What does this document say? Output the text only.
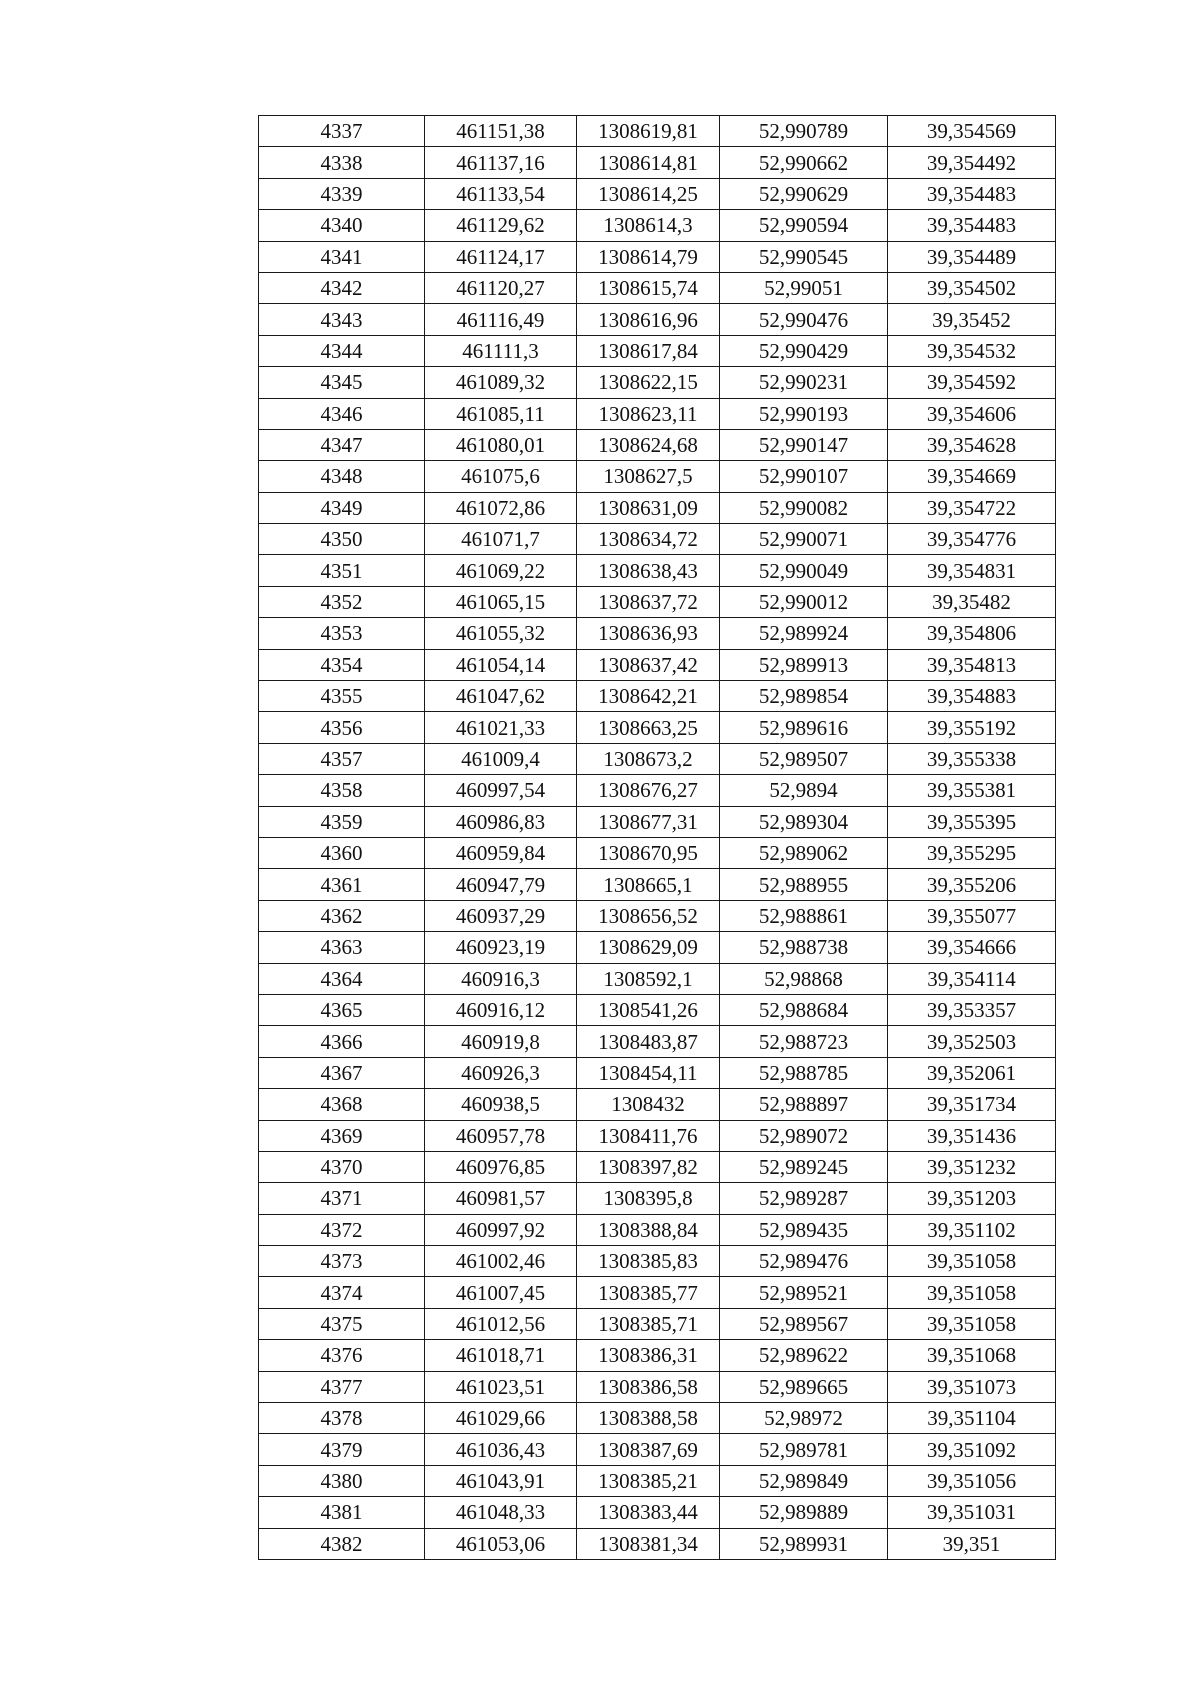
4337	461151,38	1308619,81	52,990789	39,354569
4338	461137,16	1308614,81	52,990662	39,354492
4339	461133,54	1308614,25	52,990629	39,354483
4340	461129,62	1308614,3	52,990594	39,354483
4341	461124,17	1308614,79	52,990545	39,354489
4342	461120,27	1308615,74	52,99051	39,354502
4343	461116,49	1308616,96	52,990476	39,35452
4344	461111,3	1308617,84	52,990429	39,354532
4345	461089,32	1308622,15	52,990231	39,354592
4346	461085,11	1308623,11	52,990193	39,354606
4347	461080,01	1308624,68	52,990147	39,354628
4348	461075,6	1308627,5	52,990107	39,354669
4349	461072,86	1308631,09	52,990082	39,354722
4350	461071,7	1308634,72	52,990071	39,354776
4351	461069,22	1308638,43	52,990049	39,354831
4352	461065,15	1308637,72	52,990012	39,35482
4353	461055,32	1308636,93	52,989924	39,354806
4354	461054,14	1308637,42	52,989913	39,354813
4355	461047,62	1308642,21	52,989854	39,354883
4356	461021,33	1308663,25	52,989616	39,355192
4357	461009,4	1308673,2	52,989507	39,355338
4358	460997,54	1308676,27	52,9894	39,355381
4359	460986,83	1308677,31	52,989304	39,355395
4360	460959,84	1308670,95	52,989062	39,355295
4361	460947,79	1308665,1	52,988955	39,355206
4362	460937,29	1308656,52	52,988861	39,355077
4363	460923,19	1308629,09	52,988738	39,354666
4364	460916,3	1308592,1	52,98868	39,354114
4365	460916,12	1308541,26	52,988684	39,353357
4366	460919,8	1308483,87	52,988723	39,352503
4367	460926,3	1308454,11	52,988785	39,352061
4368	460938,5	1308432	52,988897	39,351734
4369	460957,78	1308411,76	52,989072	39,351436
4370	460976,85	1308397,82	52,989245	39,351232
4371	460981,57	1308395,8	52,989287	39,351203
4372	460997,92	1308388,84	52,989435	39,351102
4373	461002,46	1308385,83	52,989476	39,351058
4374	461007,45	1308385,77	52,989521	39,351058
4375	461012,56	1308385,71	52,989567	39,351058
4376	461018,71	1308386,31	52,989622	39,351068
4377	461023,51	1308386,58	52,989665	39,351073
4378	461029,66	1308388,58	52,98972	39,351104
4379	461036,43	1308387,69	52,989781	39,351092
4380	461043,91	1308385,21	52,989849	39,351056
4381	461048,33	1308383,44	52,989889	39,351031
4382	461053,06	1308381,34	52,989931	39,351
